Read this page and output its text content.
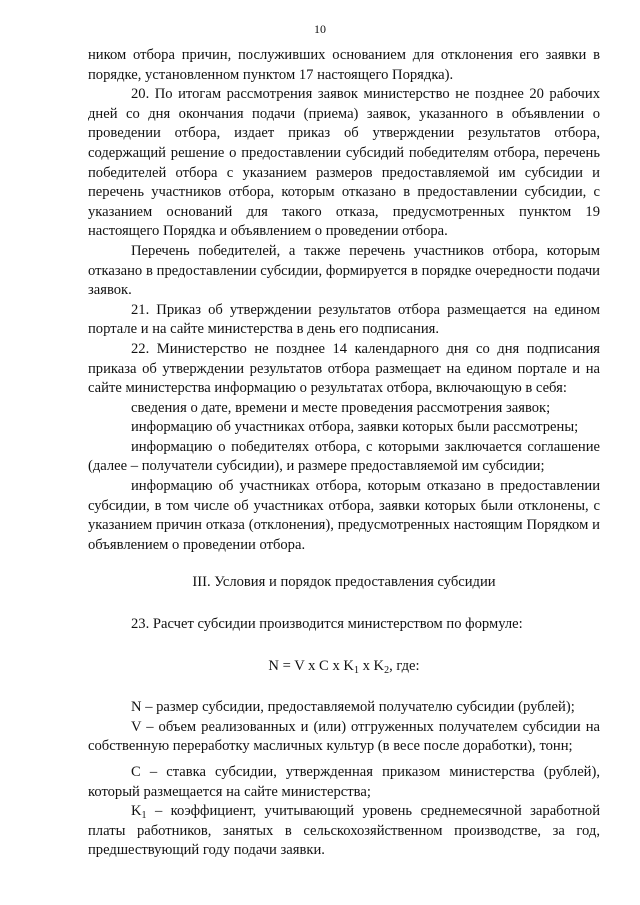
10

ником отбора причин, послуживших основанием для отклонения его заявки в порядке, установленном пунктом 17 настоящего Порядка).

20. По итогам рассмотрения заявок министерство не позднее 20 рабочих дней со дня окончания подачи (приема) заявок, указанного в объявлении о проведении отбора, издает приказ об утверждении результатов отбора, содержащий решение о предоставлении субсидий победителям отбора, перечень победителей отбора с указанием размеров предоставляемой им субсидии и перечень участников отбора, которым отказано в предоставлении субсидии, с указанием оснований для такого отказа, предусмотренных пунктом 19 настоящего Порядка и объявлением о проведении отбора.

Перечень победителей, а также перечень участников отбора, которым отказано в предоставлении субсидии, формируется в порядке очередности подачи заявок.

21. Приказ об утверждении результатов отбора размещается на едином портале и на сайте министерства в день его подписания.

22. Министерство не позднее 14 календарного дня со дня подписания приказа об утверждении результатов отбора размещает на едином портале и на сайте министерства информацию о результатах отбора, включающую в себя:

сведения о дате, времени и месте проведения рассмотрения заявок;

информацию об участниках отбора, заявки которых были рассмотрены;

информацию о победителях отбора, с которыми заключается соглашение (далее – получатели субсидии), и размере предоставляемой им субсидии;

информацию об участниках отбора, которым отказано в предоставлении субсидии, в том числе об участниках отбора, заявки которых были отклонены, с указанием причин отказа (отклонения), предусмотренных настоящим Порядком и объявлением о проведении отбора.

III. Условия и порядок предоставления субсидии

23. Расчет субсидии производится министерством по формуле:

N = V x C x $K_1$ x $K_2$, где:

N – размер субсидии, предоставляемой получателю субсидии (рублей);

V – объем реализованных и (или) отгруженных получателем субсидии на собственную переработку масличных культур (в весе после доработки), тонн;

С – ставка субсидии, утвержденная приказом министерства (рублей), который размещается на сайте министерства;

$K_1$ – коэффициент, учитывающий уровень среднемесячной заработной платы работников, занятых в сельскохозяйственном производстве, за год, предшествующий году подачи заявки.
